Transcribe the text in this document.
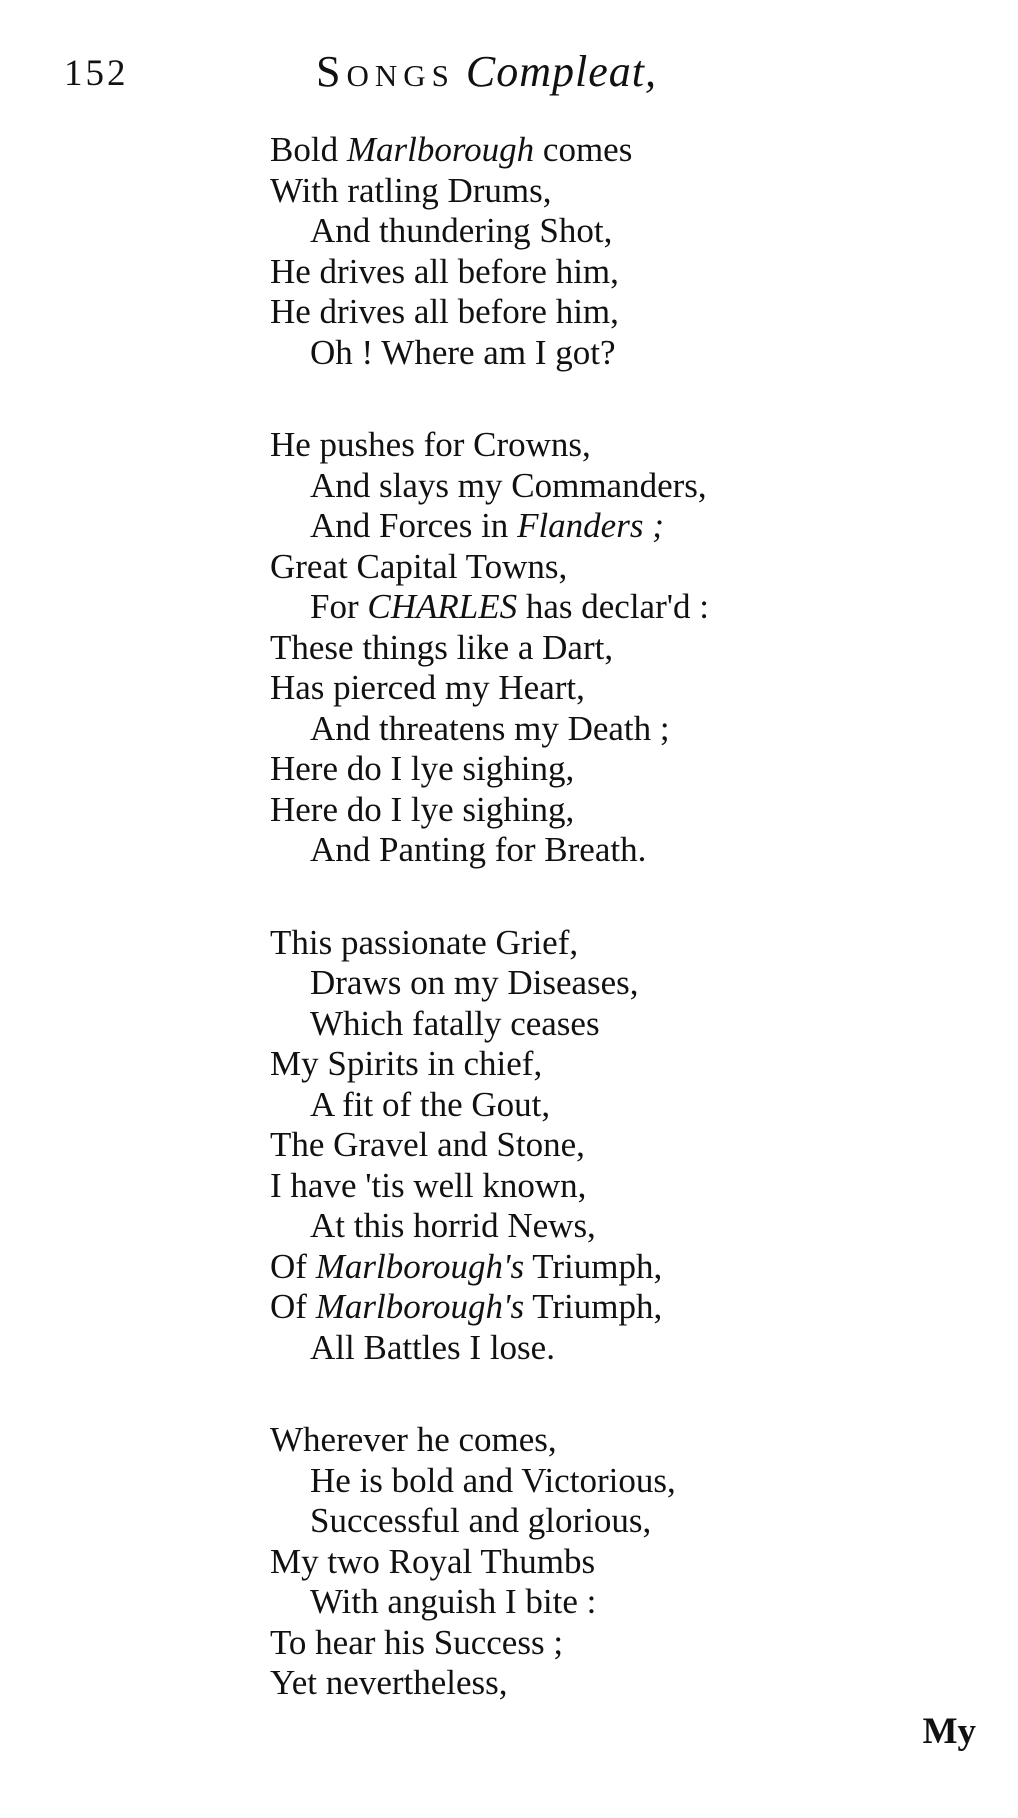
152	Songs Compleat,
Bold Marlborough comes
With ratling Drums,
And thundering Shot,
He drives all before him,
He drives all before him,
Oh ! Where am I got?
He pushes for Crowns,
And slays my Commanders,
And Forces in Flanders ;
Great Capital Towns,
For CHARLES has declar'd :
These things like a Dart,
Has pierced my Heart,
And threatens my Death ;
Here do I lye sighing,
Here do I lye sighing,
And Panting for Breath.
This passionate Grief,
Draws on my Diseases,
Which fatally ceases
My Spirits in chief,
A fit of the Gout,
The Gravel and Stone,
I have 'tis well known,
At this horrid News,
Of Marlborough's Triumph,
Of Marlborough's Triumph,
All Battles I lose.
Wherever he comes,
He is bold and Victorious,
Successful and glorious,
My two Royal Thumbs
With anguish I bite :
To hear his Success ;
Yet nevertheless,
My
